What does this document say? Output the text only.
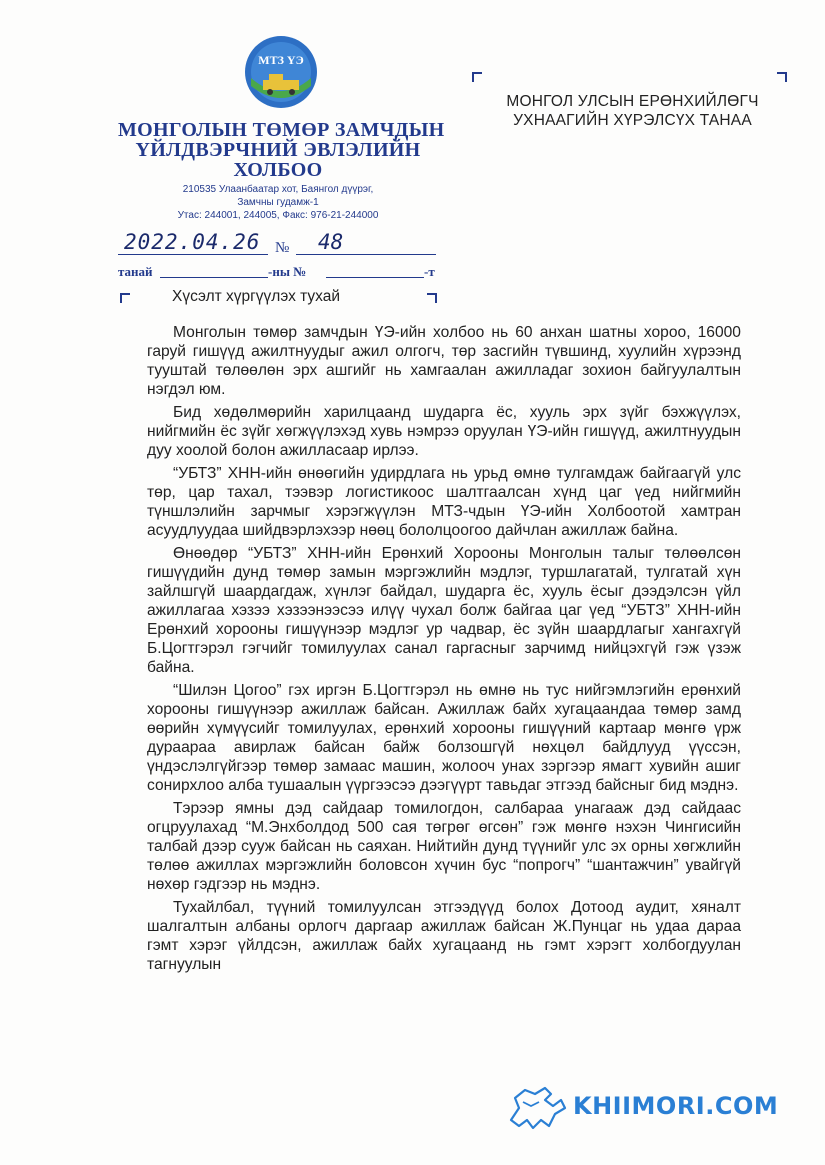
МТЗ ҮЭ
МОНГОЛЫН ТӨМӨР ЗАМЧДЫН
ҮЙЛДВЭРЧНИЙ ЭВЛЭЛИЙН
ХОЛБОО
210535 Улаанбаатар хот, Баянгол дүүрэг,
Замчны гудамж-1
Утас: 244001, 244005, Факс: 976-21-244000
МОНГОЛ УЛСЫН ЕРӨНХИЙЛӨГЧ
УХНААГИЙН ХҮРЭЛСҮХ ТАНАА
2022.04.26 № 48
танай	-ны №	-т
Хүсэлт хүргүүлэх тухай

Монголын төмөр замчдын ҮЭ-ийн холбоо нь 60 анхан шатны хороо, 16000 гаруй гишүүд ажилтнуудыг ажил олгогч, төр засгийн түвшинд, хуулийн хүрээнд тууштай төлөөлөн эрх ашгийг нь хамгаалан ажилладаг зохион байгуулалтын нэгдэл юм.

Бид хөдөлмөрийн харилцаанд шударга ёс, хууль эрх зүйг бэхжүүлэх, нийгмийн ёс зүйг хөгжүүлэхэд хувь нэмрээ оруулан ҮЭ-ийн гишүүд, ажилтнуудын дуу хоолой болон ажилласаар ирлээ.

“УБТЗ” ХНН-ийн өнөөгийн удирдлага нь урьд өмнө тулгамдаж байгаагүй улс төр, цар тахал, тээвэр логистикоос шалтгаалсан хүнд цаг үед нийгмийн түншлэлийн зарчмыг хэрэгжүүлэн МТЗ-чдын ҮЭ-ийн Холбоотой хамтран асуудлуудаа шийдвэрлэхээр нөөц бололцоогоо дайчлан ажиллаж байна.

Өнөөдөр “УБТЗ” ХНН-ийн Ерөнхий Хорооны Монголын талыг төлөөлсөн гишүүдийн дунд төмөр замын мэргэжлийн мэдлэг, туршлагатай, тулгатай хүн зайлшгүй шаардагдаж, хүнлэг байдал, шударга ёс, хууль ёсыг дээдэлсэн үйл ажиллагаа хэзээ хэзээнээсээ илүү чухал болж байгаа цаг үед “УБТЗ” ХНН-ийн Ерөнхий хорооны гишүүнээр мэдлэг ур чадвар, ёс зүйн шаардлагыг хангахгүй Б.Цогтгэрэл гэгчийг томилуулах санал гаргасныг зарчимд нийцэхгүй гэж үзэж байна.

“Шилэн Цогоо” гэх иргэн Б.Цогтгэрэл нь өмнө нь тус нийгэмлэгийн ерөнхий хорооны гишүүнээр ажиллаж байсан. Ажиллаж байх хугацаандаа төмөр замд өөрийн хүмүүсийг томилуулах, ерөнхий хорооны гишүүний картаар мөнгө үрж дураараа авирлаж байсан байж болзошгүй нөхцөл байдлууд үүссэн, үндэслэлгүйгээр төмөр замаас машин, жолооч унах зэргээр ямагт хувийн ашиг сонирхлоо алба тушаалын үүргээсээ дээгүүрт тавьдаг этгээд байсныг бид мэднэ.

Тэрээр ямны дэд сайдаар томилогдон, салбараа унагааж дэд сайдаас огцруулахад “М.Энхболдод 500 сая төгрөг өгсөн” гэж мөнгө нэхэн Чингисийн талбай дээр сууж байсан нь саяхан. Нийтийн дунд түүнийг улс эх орны хөгжлийн төлөө ажиллах мэргэжлийн боловсон хүчин бус “попрогч” “шантажчин” увайгүй нөхөр гэдгээр нь мэднэ.

Тухайлбал, түүний томилуулсан этгээдүүд болох Дотоод аудит, хяналт шалгалтын албаны орлогч даргаар ажиллаж байсан Ж.Пунцаг нь удаа дараа гэмт хэрэг үйлдсэн, ажиллаж байх хугацаанд нь гэмт хэрэгт холбогдуулан тагнуулын

KHIIMORI.COM
